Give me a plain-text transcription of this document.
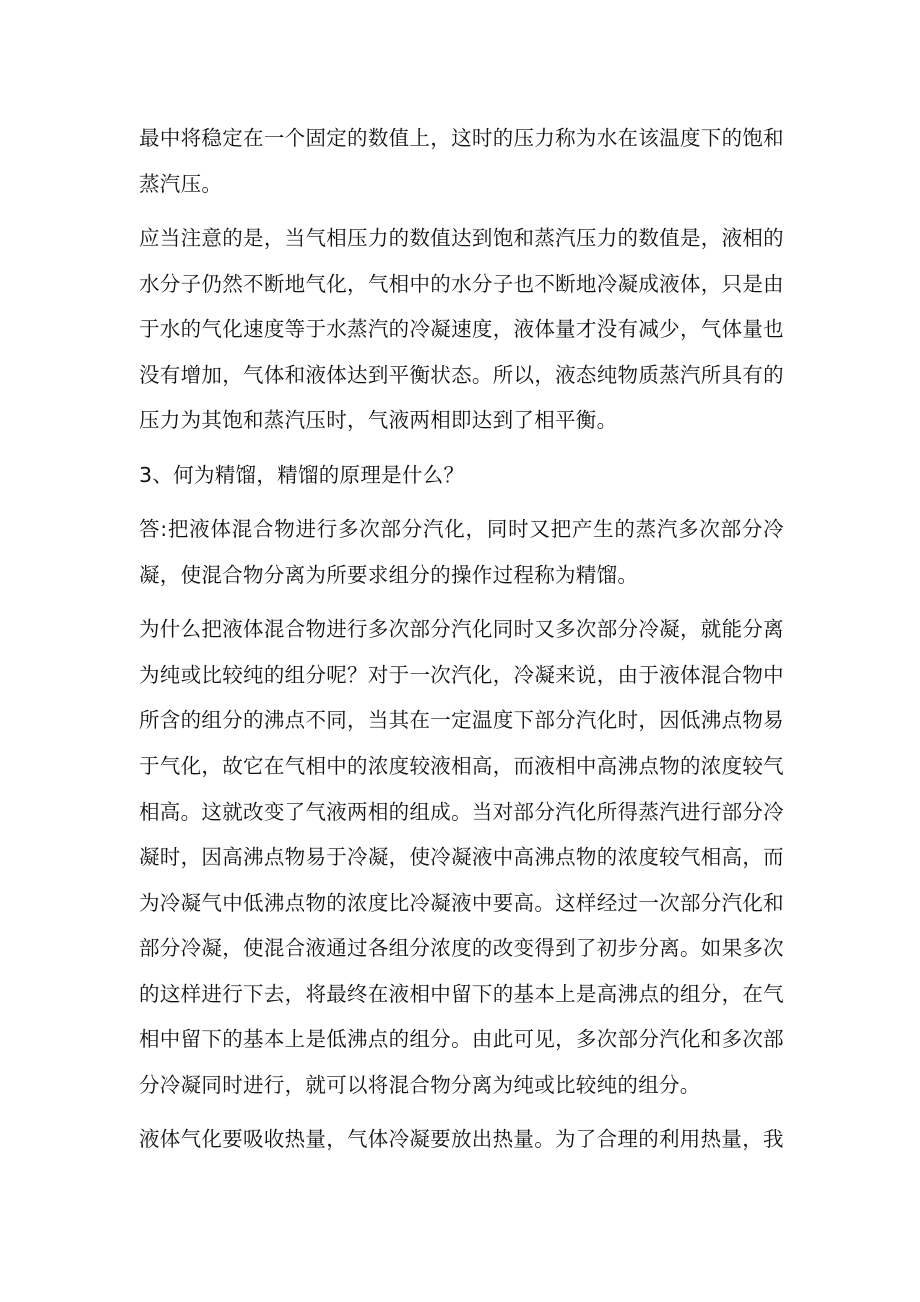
最中将稳定在一个固定的数值上，这时的压力称为水在该温度下的饱和蒸汽压。

应当注意的是，当气相压力的数值达到饱和蒸汽压力的数值是，液相的水分子仍然不断地气化，气相中的水分子也不断地冷凝成液体，只是由于水的气化速度等于水蒸汽的冷凝速度，液体量才没有减少，气体量也没有增加，气体和液体达到平衡状态。所以，液态纯物质蒸汽所具有的压力为其饱和蒸汽压时，气液两相即达到了相平衡。

3、何为精馏，精馏的原理是什么？

答:把液体混合物进行多次部分汽化，同时又把产生的蒸汽多次部分冷凝，使混合物分离为所要求组分的操作过程称为精馏。

为什么把液体混合物进行多次部分汽化同时又多次部分冷凝，就能分离为纯或比较纯的组分呢？对于一次汽化，冷凝来说，由于液体混合物中所含的组分的沸点不同，当其在一定温度下部分汽化时，因低沸点物易于气化，故它在气相中的浓度较液相高，而液相中高沸点物的浓度较气相高。这就改变了气液两相的组成。当对部分汽化所得蒸汽进行部分冷凝时，因高沸点物易于冷凝，使冷凝液中高沸点物的浓度较气相高，而为冷凝气中低沸点物的浓度比冷凝液中要高。这样经过一次部分汽化和部分冷凝，使混合液通过各组分浓度的改变得到了初步分离。如果多次的这样进行下去，将最终在液相中留下的基本上是高沸点的组分，在气相中留下的基本上是低沸点的组分。由此可见，多次部分汽化和多次部分冷凝同时进行，就可以将混合物分离为纯或比较纯的组分。

液体气化要吸收热量，气体冷凝要放出热量。为了合理的利用热量，我
